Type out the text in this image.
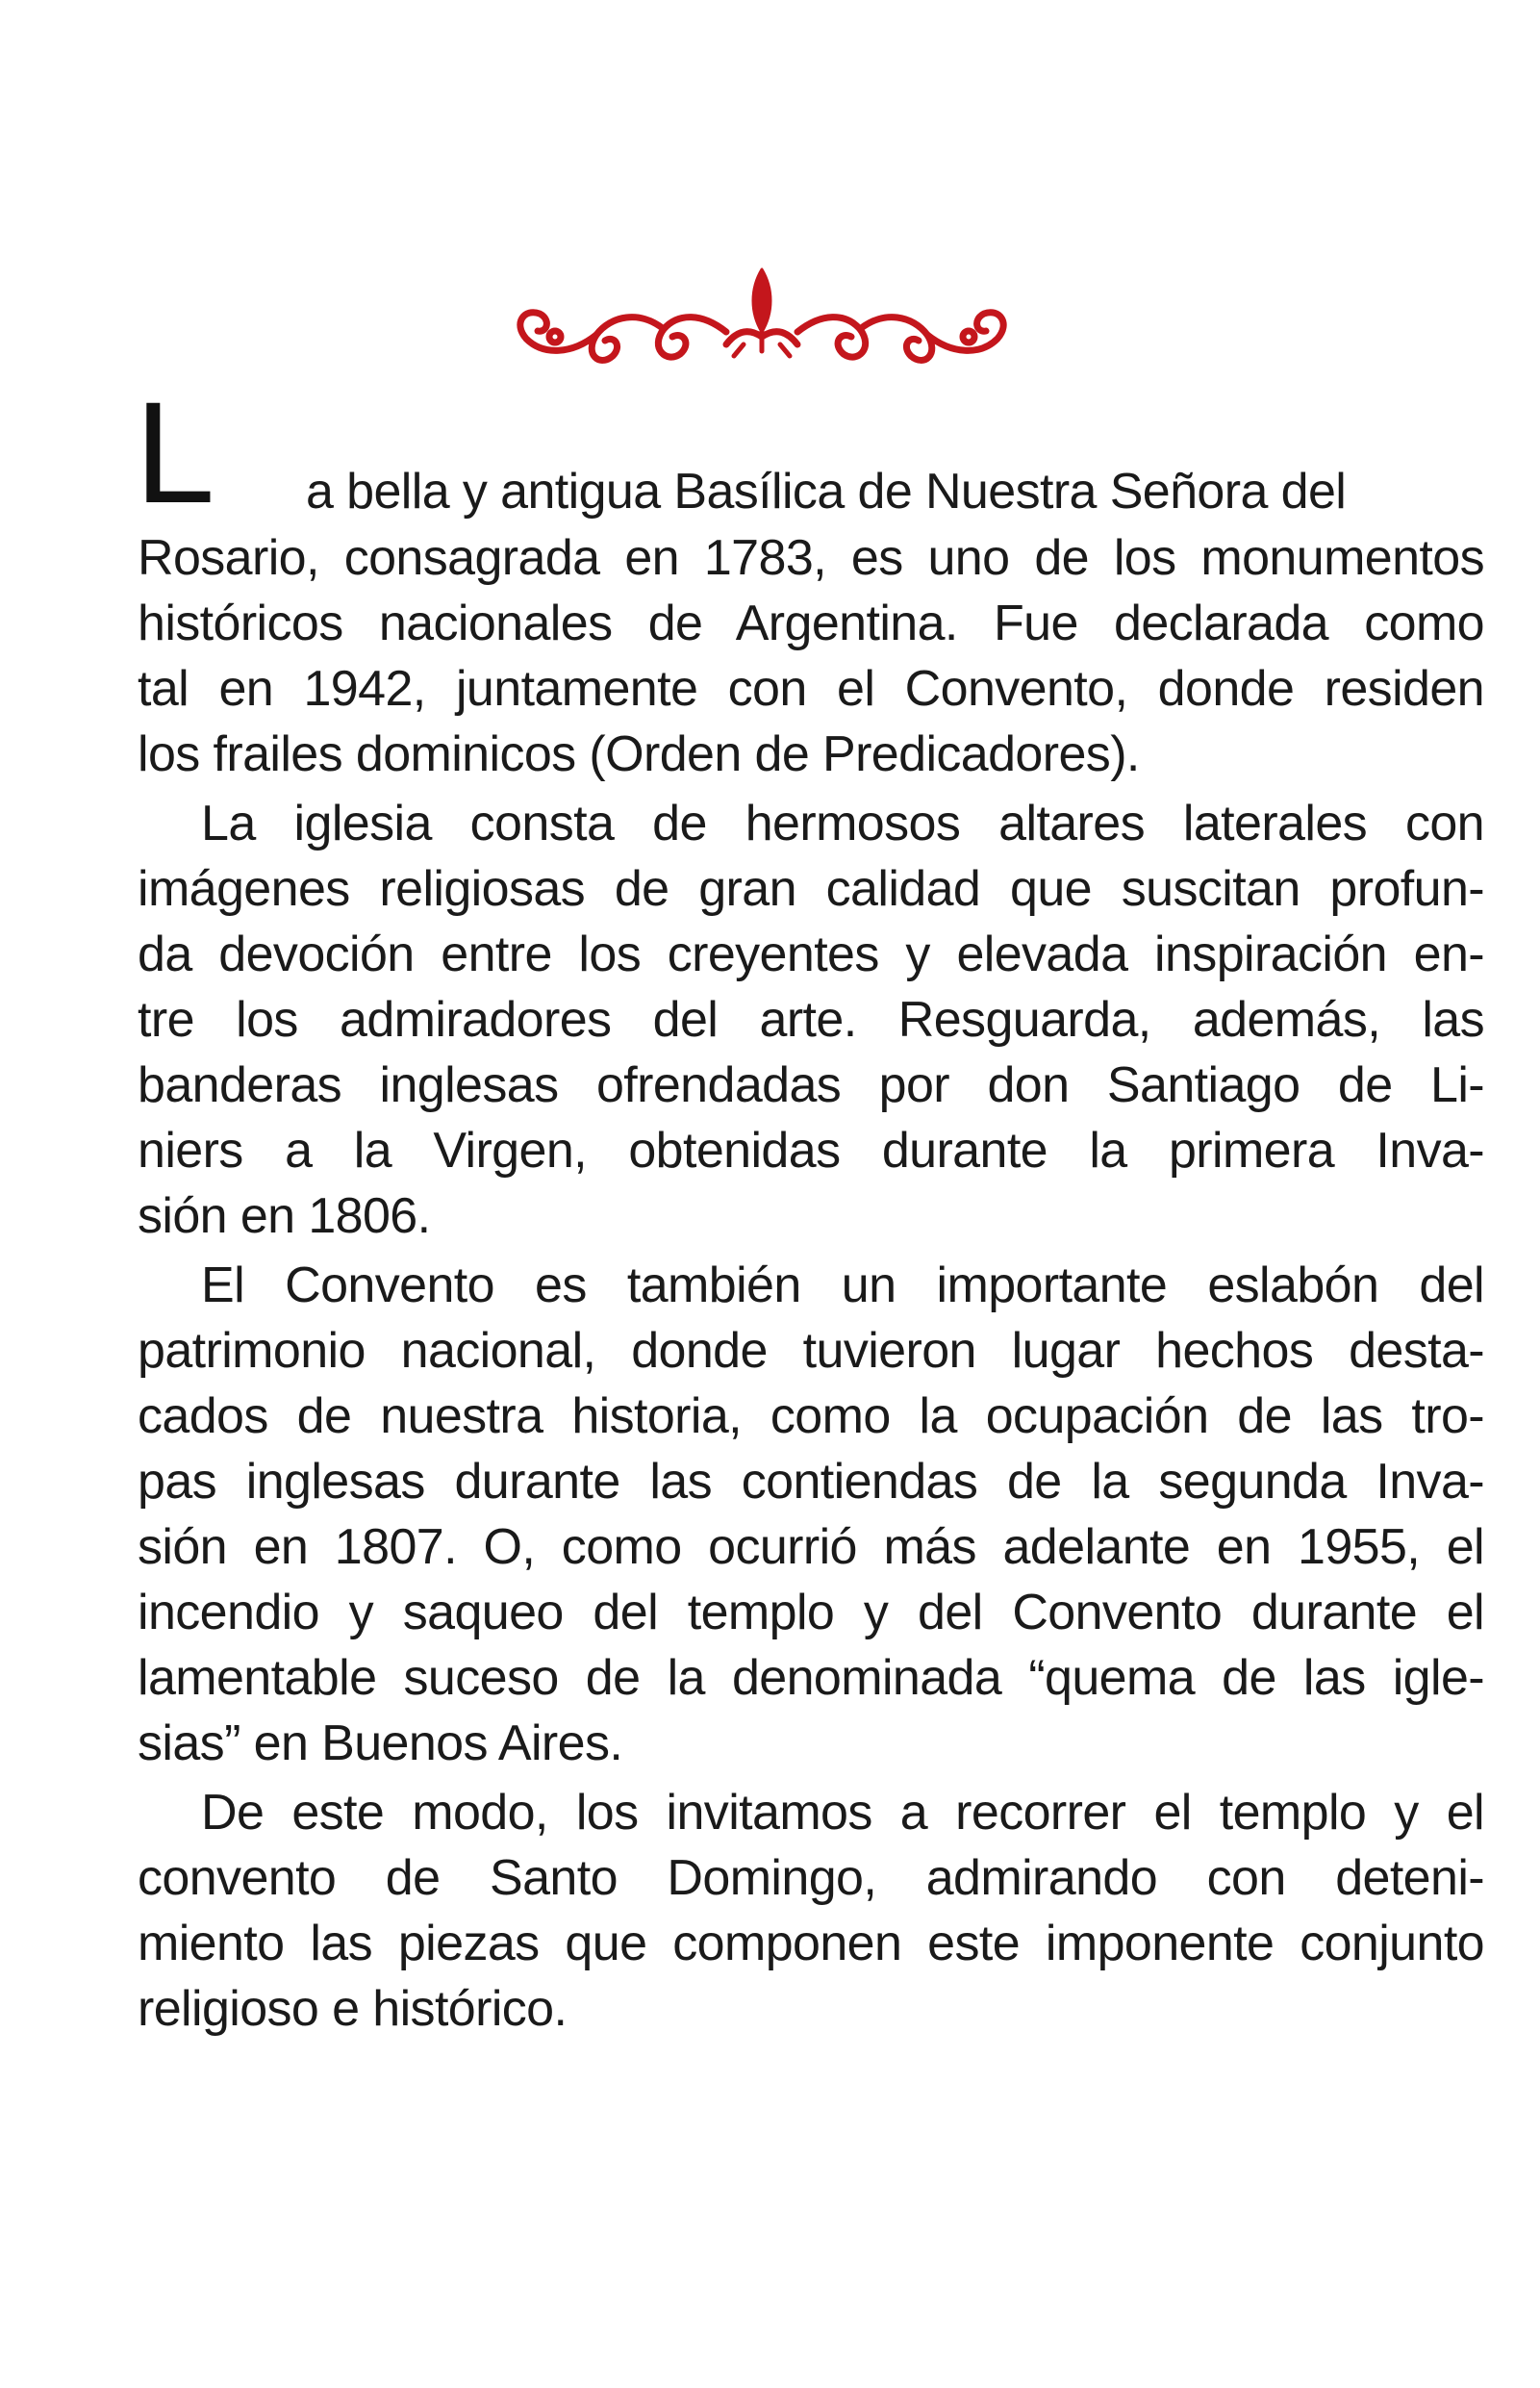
L a bella y antigua Basílica de Nuestra Señora del
Rosario, consagrada en 1783, es uno de los monumentos
históricos nacionales de Argentina. Fue declarada como
tal en 1942, juntamente con el Convento, donde residen
los frailes dominicos (Orden de Predicadores).
La iglesia consta de hermosos altares laterales con
imágenes religiosas de gran calidad que suscitan profun-
da devoción entre los creyentes y elevada inspiración en-
tre los admiradores del arte. Resguarda, además, las
banderas inglesas ofrendadas por don Santiago de Li-
niers a la Virgen, obtenidas durante la primera Inva-
sión en 1806.
El Convento es también un importante eslabón del
patrimonio nacional, donde tuvieron lugar hechos desta-
cados de nuestra historia, como la ocupación de las tro-
pas inglesas durante las contiendas de la segunda Inva-
sión en 1807. O, como ocurrió más adelante en 1955, el
incendio y saqueo del templo y del Convento durante el
lamentable suceso de la denominada “quema de las igle-
sias” en Buenos Aires.
De este modo, los invitamos a recorrer el templo y el
convento de Santo Domingo, admirando con deteni-
miento las piezas que componen este imponente conjunto
religioso e histórico.
